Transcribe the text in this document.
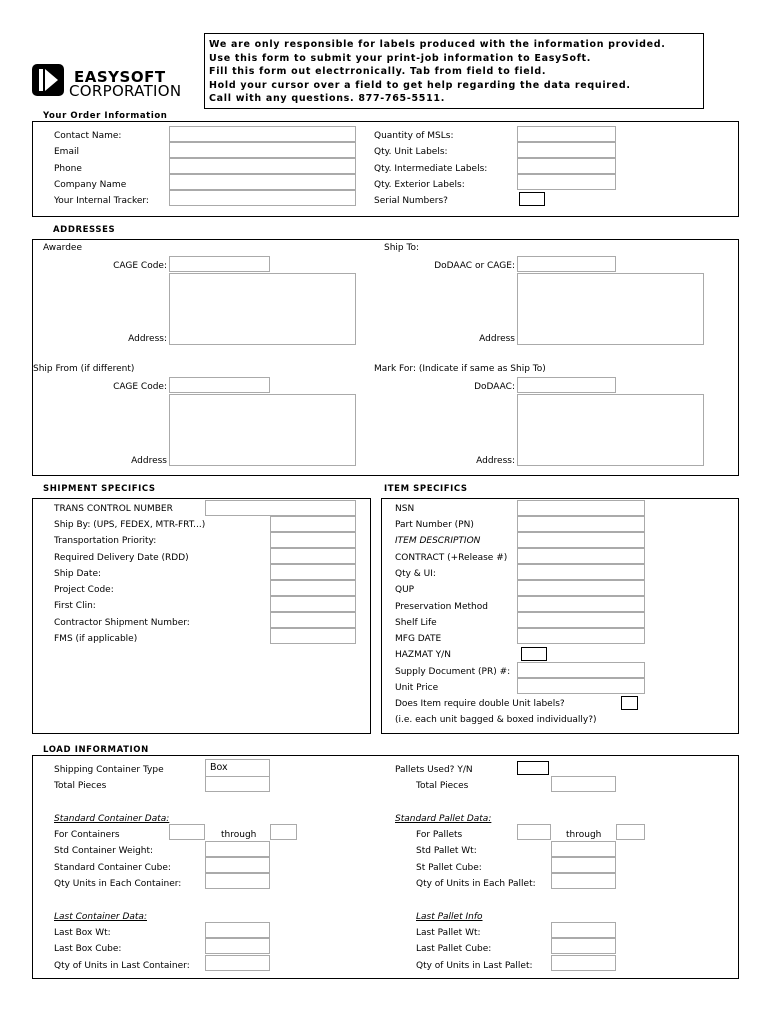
EASYSOFT
CORPORATION
We are only responsible for labels produced with the information provided.
Use this form to submit your print-job information to EasySoft.
Fill this form out electrronically. Tab from field to field.
Hold your cursor over a field to get help regarding the data required.
Call with any questions. 877-765-5511.
Your Order Information
Contact Name:
Email
Phone
Company Name
Your Internal Tracker:
Quantity of MSLs:
Qty. Unit Labels:
Qty. Intermediate Labels:
Qty. Exterior Labels:
Serial Numbers?
ADDRESSES
Awardee	Ship To:
CAGE Code:
Address:
DoDAAC or CAGE:
Address
Ship From (if different)	Mark For: (Indicate if same as Ship To)
CAGE Code:
Address
DoDAAC:
Address:
SHIPMENT SPECIFICS
TRANS CONTROL NUMBER
Ship By: (UPS, FEDEX, MTR-FRT...)
Transportation Priority:
Required Delivery Date (RDD)
Ship Date:
Project Code:
First Clin:
Contractor Shipment Number:
FMS (if applicable)
ITEM SPECIFICS
NSN
Part Number (PN)
ITEM DESCRIPTION
CONTRACT (+Release #)
Qty & UI:
QUP
Preservation Method
Shelf Life
MFG DATE
HAZMAT Y/N
Supply Document (PR) #:
Unit Price
Does Item require double Unit labels?
(i.e. each unit bagged & boxed individually?)
LOAD INFORMATION
Shipping Container Type	Box
Total Pieces
Pallets Used? Y/N
Total Pieces
Standard Container Data:
For Containers	through
Std Container Weight:
Standard Container Cube:
Qty Units in Each Container:
Standard Pallet Data:
For Pallets	through
Std Pallet Wt:
St Pallet Cube:
Qty of Units in Each Pallet:
Last Container Data:
Last Box Wt:
Last Box Cube:
Qty of Units in Last Container:
Last Pallet Info
Last Pallet Wt:
Last Pallet Cube:
Qty of Units in Last Pallet:
